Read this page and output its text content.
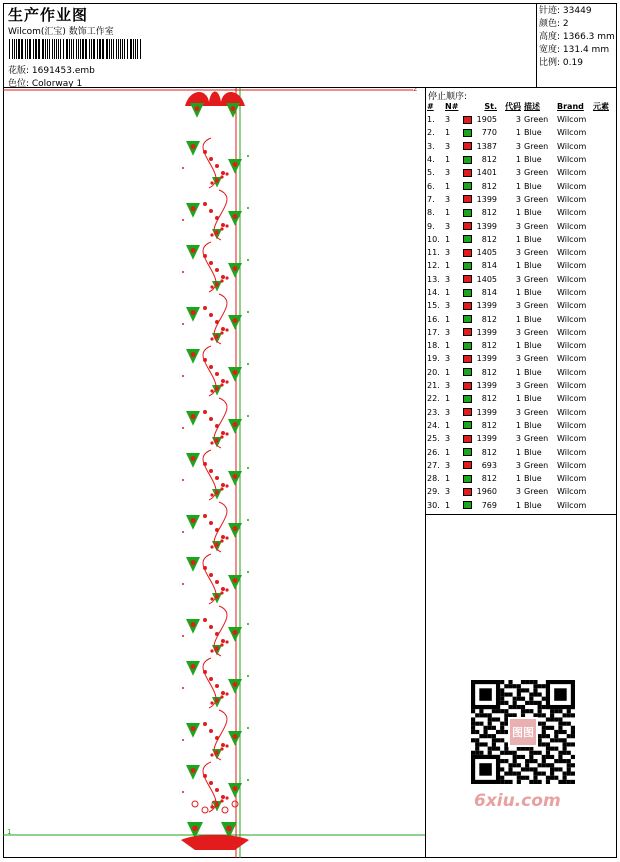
生产作业图
Wilcom(汇宝) 数饰工作室
花版: 1691453.emb
色位: Colorway 1
针迹: 33449
颜色: 2
高度: 1366.3 mm
宽度: 131.4 mm
比例: 0.19
2
1
停止顺序:
#	N#		St.	代码	描述	Brand	元素
1.	3		1905	3	Green	Wilcom	
2.	1		770	1	Blue	Wilcom	
3.	3		1387	3	Green	Wilcom	
4.	1		812	1	Blue	Wilcom	
5.	3		1401	3	Green	Wilcom	
6.	1		812	1	Blue	Wilcom	
7.	3		1399	3	Green	Wilcom	
8.	1		812	1	Blue	Wilcom	
9.	3		1399	3	Green	Wilcom	
10.	1		812	1	Blue	Wilcom	
11.	3		1405	3	Green	Wilcom	
12.	1		814	1	Blue	Wilcom	
13.	3		1405	3	Green	Wilcom	
14.	1		814	1	Blue	Wilcom	
15.	3		1399	3	Green	Wilcom	
16.	1		812	1	Blue	Wilcom	
17.	3		1399	3	Green	Wilcom	
18.	1		812	1	Blue	Wilcom	
19.	3		1399	3	Green	Wilcom	
20.	1		812	1	Blue	Wilcom	
21.	3		1399	3	Green	Wilcom	
22.	1		812	1	Blue	Wilcom	
23.	3		1399	3	Green	Wilcom	
24.	1		812	1	Blue	Wilcom	
25.	3		1399	3	Green	Wilcom	
26.	1		812	1	Blue	Wilcom	
27.	3		693	3	Green	Wilcom	
28.	1		812	1	Blue	Wilcom	
29.	3		1960	3	Green	Wilcom	
30.	1		769	1	Blue	Wilcom	
图图
6xiu.com
